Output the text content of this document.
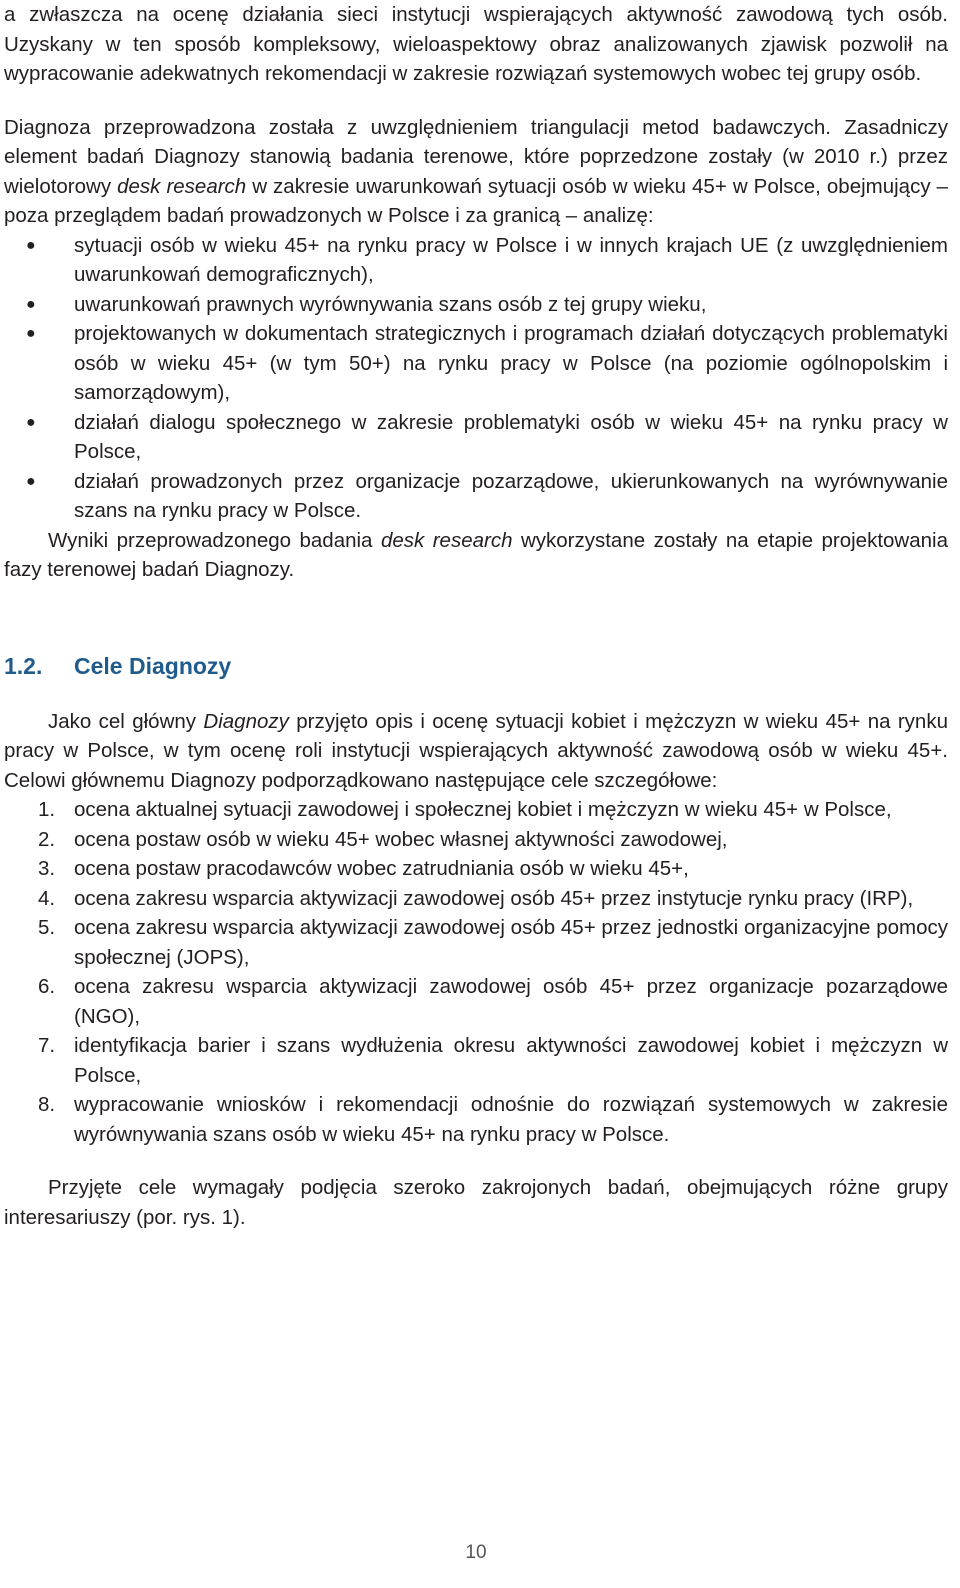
a zwłaszcza na ocenę działania sieci instytucji wspierających aktywność zawodową tych osób. Uzyskany w ten sposób kompleksowy, wieloaspektowy obraz analizowanych zjawisk pozwolił na wypracowanie adekwatnych rekomendacji w zakresie rozwiązań systemowych wobec tej grupy osób.

Diagnoza przeprowadzona została z uwzględnieniem triangulacji metod badawczych. Zasadniczy element badań Diagnozy stanowią badania terenowe, które poprzedzone zostały (w 2010 r.) przez wielotorowy desk research w zakresie uwarunkowań sytuacji osób w wieku 45+ w Polsce, obejmujący – poza przeglądem badań prowadzonych w Polsce i za granicą – analizę:

● sytuacji osób w wieku 45+ na rynku pracy w Polsce i w innych krajach UE (z uwzględnieniem uwarunkowań demograficznych),
● uwarunkowań prawnych wyrównywania szans osób z tej grupy wieku,
● projektowanych w dokumentach strategicznych i programach działań dotyczących problematyki osób w wieku 45+ (w tym 50+) na rynku pracy w Polsce (na poziomie ogólnopolskim i samorządowym),
● działań dialogu społecznego w zakresie problematyki osób w wieku 45+ na rynku pracy w Polsce,
● działań prowadzonych przez organizacje pozarządowe, ukierunkowanych na wyrównywanie szans na rynku pracy w Polsce.

Wyniki przeprowadzonego badania desk research wykorzystane zostały na etapie projektowania fazy terenowej badań Diagnozy.

1.2. Cele Diagnozy

Jako cel główny Diagnozy przyjęto opis i ocenę sytuacji kobiet i mężczyzn w wieku 45+ na rynku pracy w Polsce, w tym ocenę roli instytucji wspierających aktywność zawodową osób w wieku 45+. Celowi głównemu Diagnozy podporządkowano następujące cele szczegółowe:

1. ocena aktualnej sytuacji zawodowej i społecznej kobiet i mężczyzn w wieku 45+ w Polsce,
2. ocena postaw osób w wieku 45+ wobec własnej aktywności zawodowej,
3. ocena postaw pracodawców wobec zatrudniania osób w wieku 45+,
4. ocena zakresu wsparcia aktywizacji zawodowej osób 45+ przez instytucje rynku pracy (IRP),
5. ocena zakresu wsparcia aktywizacji zawodowej osób 45+ przez jednostki organizacyjne pomocy społecznej (JOPS),
6. ocena zakresu wsparcia aktywizacji zawodowej osób 45+ przez organizacje pozarządowe (NGO),
7. identyfikacja barier i szans wydłużenia okresu aktywności zawodowej kobiet i mężczyzn w Polsce,
8. wypracowanie wniosków i rekomendacji odnośnie do rozwiązań systemowych w zakresie wyrównywania szans osób w wieku 45+ na rynku pracy w Polsce.

Przyjęte cele wymagały podjęcia szeroko zakrojonych badań, obejmujących różne grupy interesariuszy (por. rys. 1).

10
